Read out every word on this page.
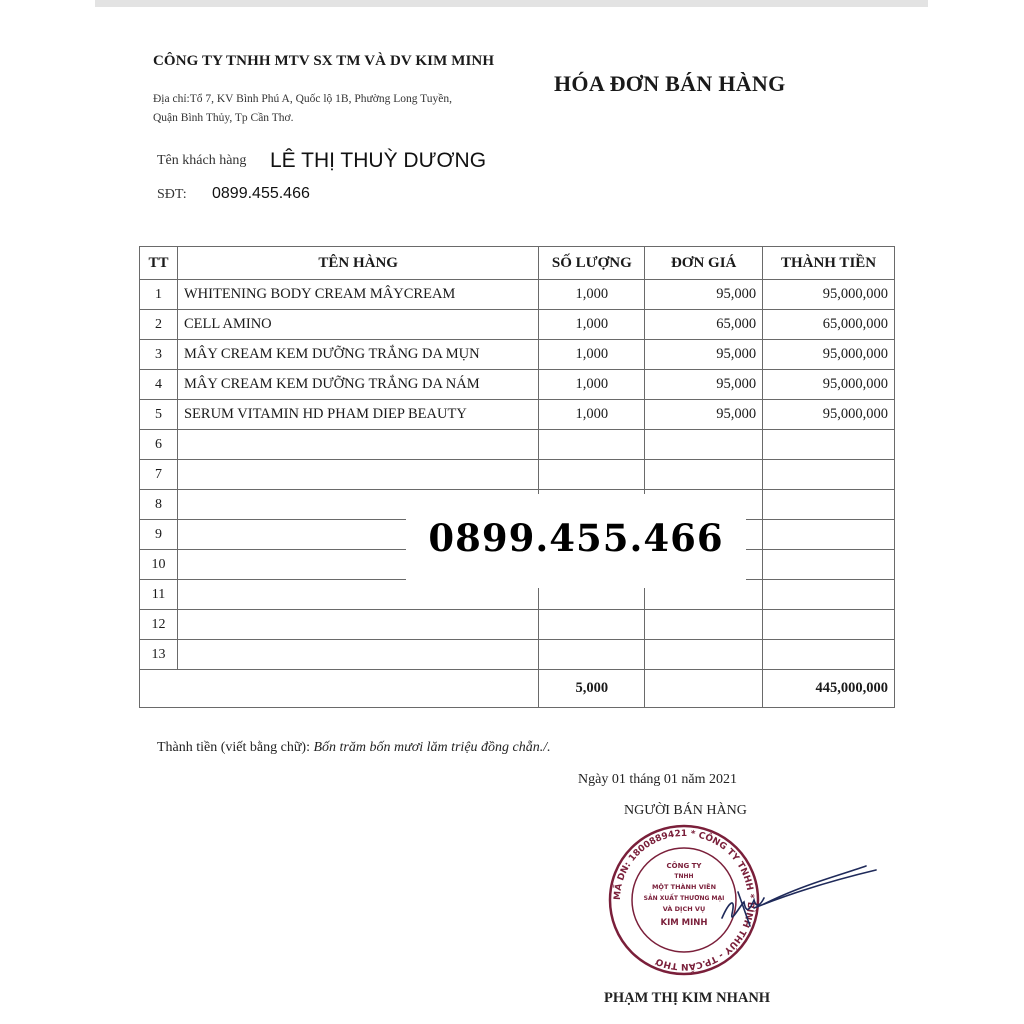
CÔNG TY TNHH MTV SX TM VÀ DV KIM MINH
Địa chỉ:Tổ 7, KV Bình Phú A, Quốc lộ 1B, Phường Long Tuyền,
Quận Bình Thủy, Tp Cần Thơ.
HÓA ĐƠN BÁN HÀNG
Tên khách hàng LÊ THỊ THUỲ DƯƠNG
SĐT: 0899.455.466
TT	TÊN HÀNG	SỐ LƯỢNG	ĐƠN GIÁ	THÀNH TIỀN
1	WHITENING BODY CREAM MÂYCREAM	1,000	95,000	95,000,000
2	CELL AMINO	1,000	65,000	65,000,000
3	MÂY CREAM KEM DƯỠNG TRẮNG DA MỤN	1,000	95,000	95,000,000
4	MÂY CREAM KEM DƯỠNG TRẮNG DA NÁM	1,000	95,000	95,000,000
5	SERUM VITAMIN HD PHAM DIEP BEAUTY	1,000	95,000	95,000,000
6				
7				
8				
9				
10				
11				
12				
13				
		5,000		445,000,000
0899.455.466
Thành tiền (viết bằng chữ): Bốn trăm bốn mươi lăm triệu đồng chẵn./.
Ngày 01 tháng 01 năm 2021
NGƯỜI BÁN HÀNG
MÃ DN: 1800889421 * CÔNG TY TNHH * BÌNH THỦY - TP.CẦN THƠ
CÔNG TY
TNHH
MỘT THÀNH VIÊN
SẢN XUẤT THƯƠNG MẠI
VÀ DỊCH VỤ
KIM MINH
PHẠM THỊ KIM NHANH
